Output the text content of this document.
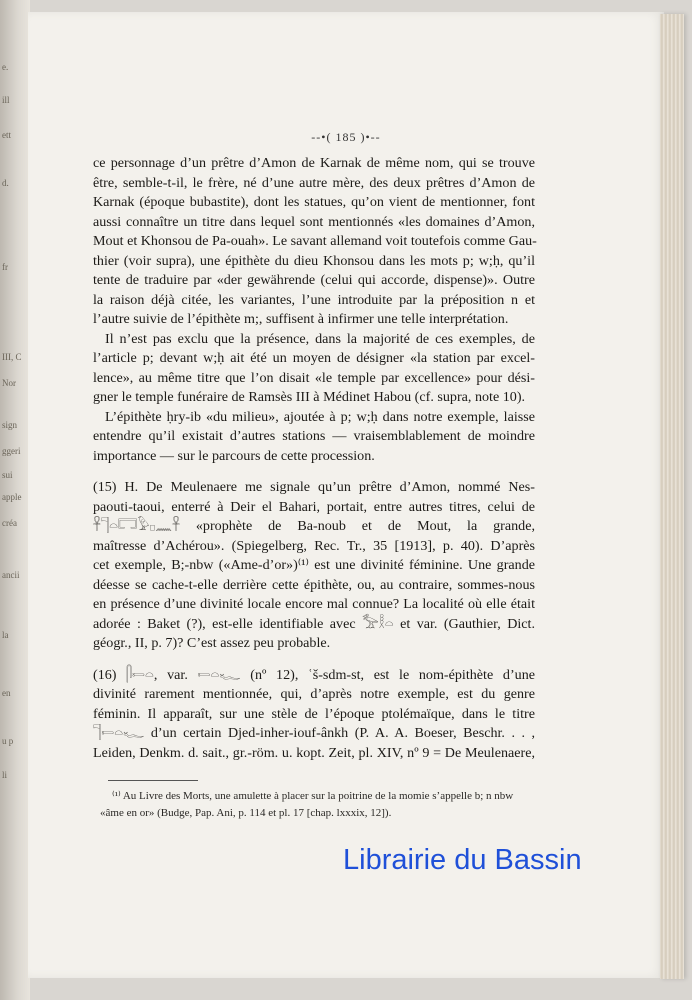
e.
ill
ett
d.
fr
III, C
Nor
sign
ggeri
sui
apple
créa
ancii
la
en
u p
li
--•( 185 )•--

ce personnage d’un prêtre d’Amon de Karnak de même nom, qui se trouve
être, semble-t-il, le frère, né d’une autre mère, des deux prêtres d’Amon de
Karnak (époque bubastite), dont les statues, qu’on vient de mentionner, font
aussi connaître un titre dans lequel sont mentionnés «les domaines d’Amon,
Mout et Khonsou de Pa-ouah». Le savant allemand voit toutefois comme Gau-
thier (voir supra), une épithète du dieu Khonsou dans les mots p; w;ḥ, qu’il
tente de traduire par «der gewährende (celui qui accorde, dispense)». Outre
la raison déjà citée, les variantes, l’une introduite par la préposition n et
l’autre suivie de l’épithète m;, suffisent à infirmer une telle interprétation.

Il n’est pas exclu que la présence, dans la majorité de ces exemples, de
l’article p; devant w;ḥ ait été un moyen de désigner «la station par excel-
lence», au même titre que l’on disait «le temple par excellence» pour dési-
gner le temple funéraire de Ramsès III à Médinet Habou (cf. supra, note 10).

L’épithète ḥry-ib «du milieu», ajoutée à p; w;ḥ dans notre exemple, laisse
entendre qu’il existait d’autres stations — vraisemblablement de moindre
importance — sur le parcours de cette procession.

(15) H. De Meulenaere me signale qu’un prêtre d’Amon, nommé Nes-
paouti-taoui, enterré à Deir el Bahari, portait, entre autres titres, celui de
𓋹𓊹𓏏𓉐𓅱𓊪𓈖𓋹 «prophète de Ba-noub et de Mout, la grande,
maîtresse d’Achérou». (Spiegelberg, Rec. Tr., 35 [1913], p. 40). D’après
cet exemple, B;-nbw («Ame-d’or»)⁽¹⁾ est une divinité féminine. Une grande
déesse se cache-t-elle derrière cette épithète, ou, au contraire, sommes-nous
en présence d’une divinité locale encore mal connue? La localité où elle était
adorée : Baket (?), est-elle identifiable avec 𓅡𓎛𓏏 et var. (Gauthier, Dict.
géogr., II, p. 7)? C’est assez peu probable.

(16) 𓋴𓍿𓏏, var. 𓍿𓏏𓆑 (nº 12), ʿš-sdm-st, est le nom-épithète d’une
divinité rarement mentionnée, qui, d’après notre exemple, est du genre
féminin. Il apparaît, sur une stèle de l’époque ptolémaïque, dans le titre
𓊹𓍿𓏏𓆑 d’un certain Djed-inher-iouf-ânkh (P. A. A. Boeser, Beschr. . . ,
Leiden, Denkm. d. sait., gr.-röm. u. kopt. Zeit, pl. XIV, nº 9 = De Meulenaere,

⁽¹⁾ Au Livre des Morts, une amulette à placer sur la poitrine de la momie s’appelle b; n nbw
«âme en or» (Budge, Pap. Ani, p. 114 et pl. 17 [chap. lxxxix, 12]).
Librairie du Bassin
